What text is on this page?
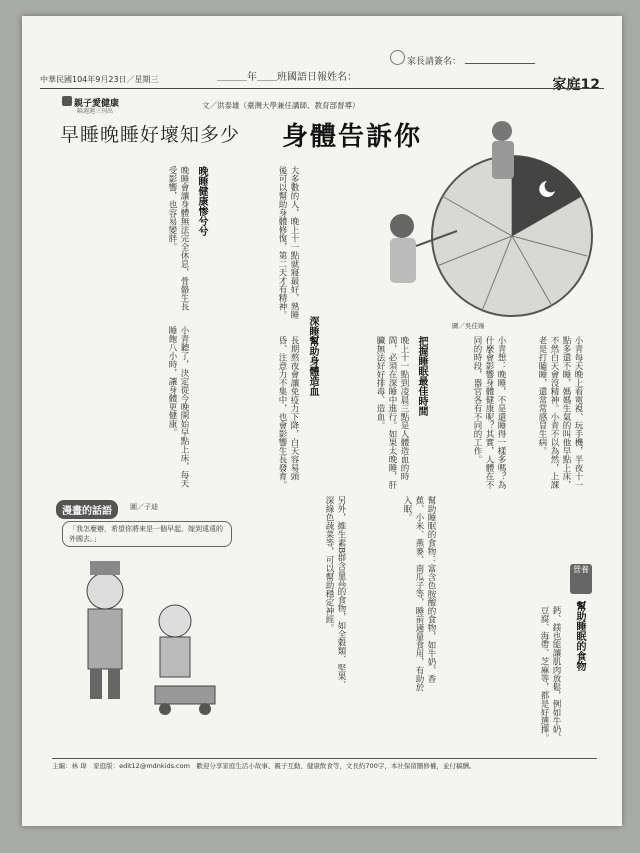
家長請簽名：
中華民國104年9月23日／星期三	＿＿＿年＿＿班國語日報姓名：	家庭12
親子愛健康
隔週週三刊出
文／洪泰雄（臺灣大學兼任講師、教育部督導）
早睡晚睡好壞知多少 身體告訴你
圖／吳佳臻
小青每天晚上看電視、玩手機，半夜十一點多還不睡，媽媽生氣的叫他早點上床，不然白天會沒精神。小青不以為然，上課老是打瞌睡，還常常感冒生病。
小青想：晚睡，不是還睡得一樣多嗎？為什麼會影響身體健康呢？其實，人體在不同的時段，器官各有不同的工作。
把握睡眠最佳時間
晚上十一點到凌晨三點是人體造血的時間，必須在深睡中進行。如果太晚睡，肝臟無法好好排毒、造血。
深睡幫助身體造血
大多數的人，晚上十一點就寢最好，熟睡後可以幫助身體修復，第二天才有精神。
長期熬夜會讓免疫力下降，白天容易頭昏、注意力不集中，也會影響生長發育。
晚睡健康惨兮兮
晚睡會讓身體無法完全休息，骨骼生長受影響，也容易變胖。
小青聽了，決定從今晚開始早點上床，每天睡飽八小時，讓身體更健康。
漫畫的話語	圖／子迪
「我怎麼辦，希望你將來是一個早起，嫁到遠遠的外國去。」	幫助睡眠的食物：富含色胺酸的食物，如牛奶、香蕉、小米、燕麥、南瓜子等，睡前適量食用，有助於入眠。
另外，維生素B群含量高的食物，如全穀類、堅果、深綠色蔬菜等，可以幫助穩定神經。
鈣、鎂也能讓肌肉放鬆，例如牛奶、豆腐、海帶、芝麻等，都是好選擇。
營養
幫助睡眠的食物
主編：林 瑋　家庭版：edit12@mdnkids.com　歡迎分享家庭生活小故事、親子互動、健康飲食等，文長約700字，本社保留刪修權，並付稿酬。
